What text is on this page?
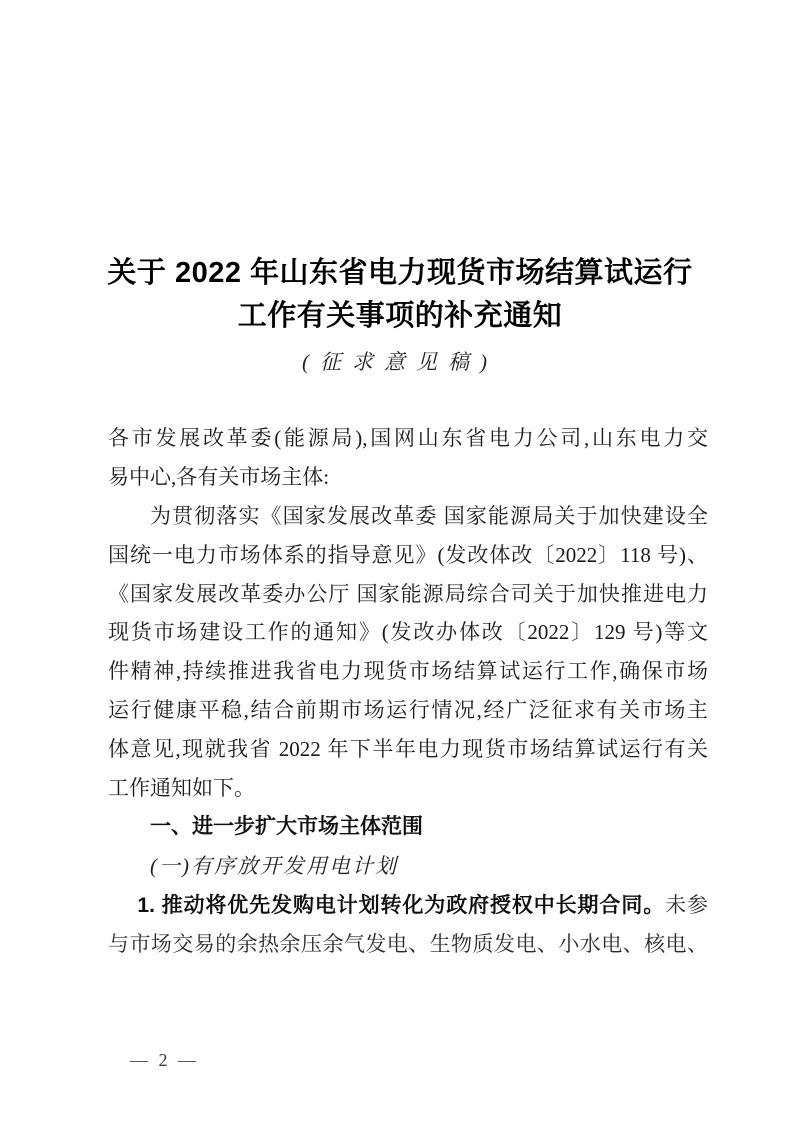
关于 2022 年山东省电力现货市场结算试运行
工作有关事项的补充通知
(征求意见稿)
各市发展改革委(能源局),国网山东省电力公司,山东电力交
易中心,各有关市场主体:
为贯彻落实《国家发展改革委 国家能源局关于加快建设全
国统一电力市场体系的指导意见》(发改体改〔2022〕118 号)、
《国家发展改革委办公厅 国家能源局综合司关于加快推进电力
现货市场建设工作的通知》(发改办体改〔2022〕129 号)等文
件精神,持续推进我省电力现货市场结算试运行工作,确保市场
运行健康平稳,结合前期市场运行情况,经广泛征求有关市场主
体意见,现就我省 2022 年下半年电力现货市场结算试运行有关
工作通知如下。
一、进一步扩大市场主体范围
(一)有序放开发用电计划
1. 推动将优先发购电计划转化为政府授权中长期合同。未参
与市场交易的余热余压余气发电、生物质发电、小水电、核电、
— 2 —
